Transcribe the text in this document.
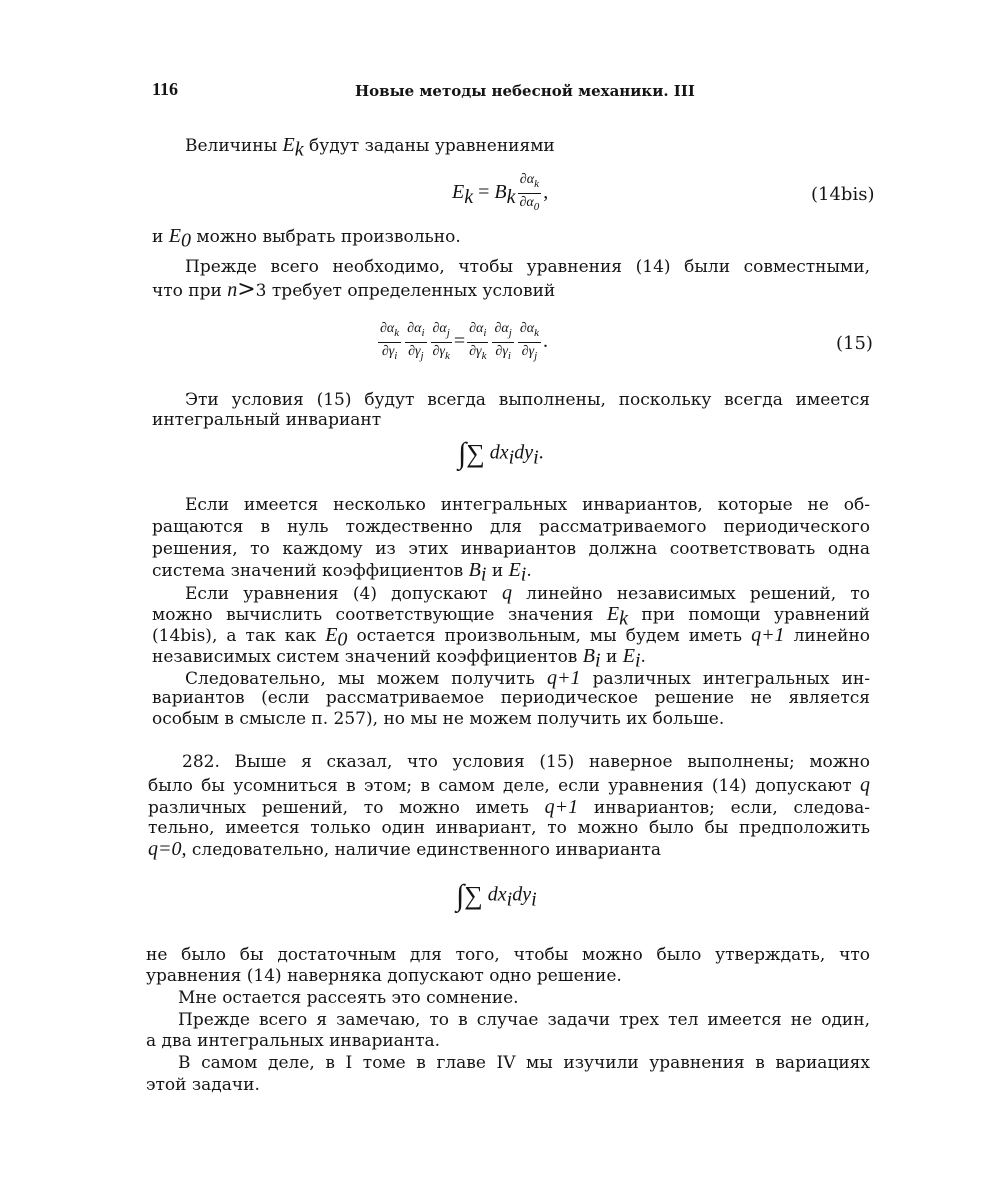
116	Новые методы небесной механики. III
Величины $E_k$ будут заданы уравнениями
$E_k = B_k \frac{\partial\alpha_k}{\partial\alpha_0}$ ,	(14bis)
и $E_0$ можно выбрать произвольно.
Прежде всего необходимо, чтобы уравнения (14) были совместными,
что при n>3 требует определенных условий
$\frac{\partial\alpha_k}{\partial\gamma_i} \frac{\partial\alpha_i}{\partial\gamma_j} \frac{\partial\alpha_j}{\partial\gamma_k} = \frac{\partial\alpha_i}{\partial\gamma_k} \frac{\partial\alpha_j}{\partial\gamma_i} \frac{\partial\alpha_k}{\partial\gamma_j}$ .	(15)
Эти условия (15) будут всегда выполнены, поскольку всегда имеется
интегральный инвариант
∫∑ $dx_idy_i$.
Если имеется несколько интегральных инвариантов, которые не об-
ращаются в нуль тождественно для рассматриваемого периодического
решения, то каждому из этих инвариантов должна соответствовать одна
система значений коэффициентов $B_i$ и $E_i$.
Если уравнения (4) допускают q линейно независимых решений, то
можно вычислить соответствующие значения $E_k$ при помощи уравнений
(14bis), а так как $E_0$ остается произвольным, мы будем иметь q+1 линейно
независимых систем значений коэффициентов $B_i$ и $E_i$.
Следовательно, мы можем получить q+1 различных интегральных ин-
вариантов (если рассматриваемое периодическое решение не является
особым в смысле п. 257), но мы не можем получить их больше.
282. Выше я сказал, что условия (15) наверное выполнены; можно
было бы усомниться в этом; в самом деле, если уравнения (14) допускают q
различных решений, то можно иметь q+1 инвариантов; если, следова-
тельно, имеется только один инвариант, то можно было бы предположить
q=0, следовательно, наличие единственного инварианта
∫∑ $dx_idy_i$
не было бы достаточным для того, чтобы можно было утверждать, что
уравнения (14) наверняка допускают одно решение.
Мне остается рассеять это сомнение.
Прежде всего я замечаю, то в случае задачи трех тел имеется не один,
а два интегральных инварианта.
В самом деле, в I томе в главе IV мы изучили уравнения в вариациях
этой задачи.
